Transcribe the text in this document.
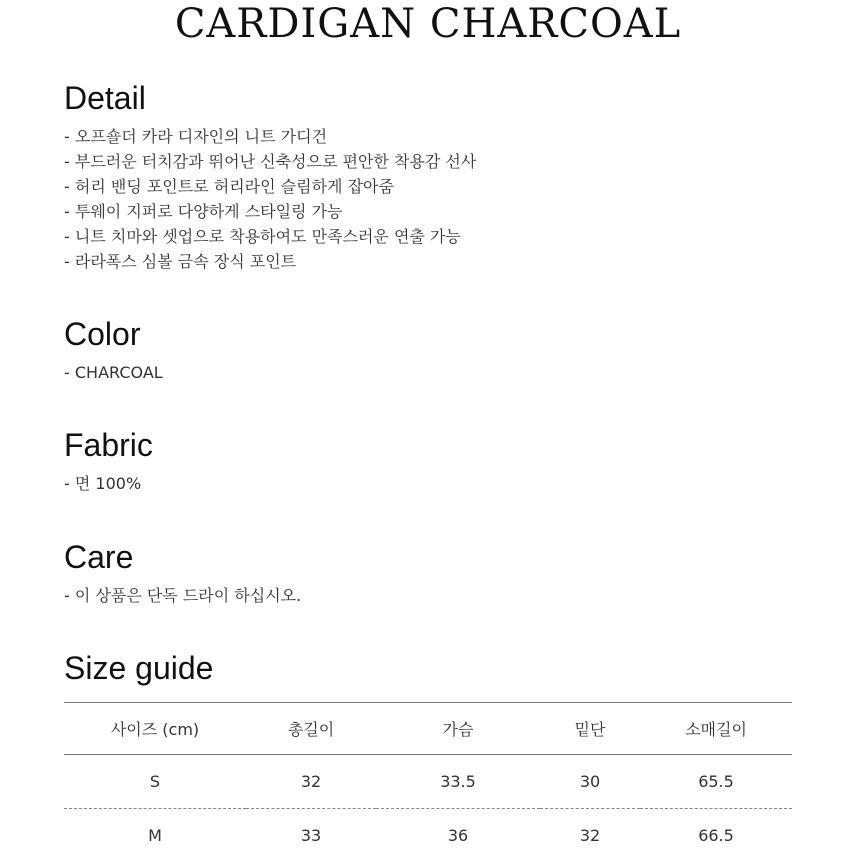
CARDIGAN CHARCOAL
Detail
- 오프숄더 카라 디자인의 니트 가디건
- 부드러운 터치감과 뛰어난 신축성으로 편안한 착용감 선사
- 허리 밴딩 포인트로 허리라인 슬림하게 잡아줌
- 투웨이 지퍼로 다양하게 스타일링 가능
- 니트 치마와 셋업으로 착용하여도 만족스러운 연출 가능
- 라라폭스 심볼 금속 장식 포인트
Color
- CHARCOAL
Fabric
- 면 100%
Care
- 이 상품은 단독 드라이 하십시오.
Size guide
사이즈 (cm)	총길이	가슴	밑단	소매길이
S	32	33.5	30	65.5
M	33	36	32	66.5
